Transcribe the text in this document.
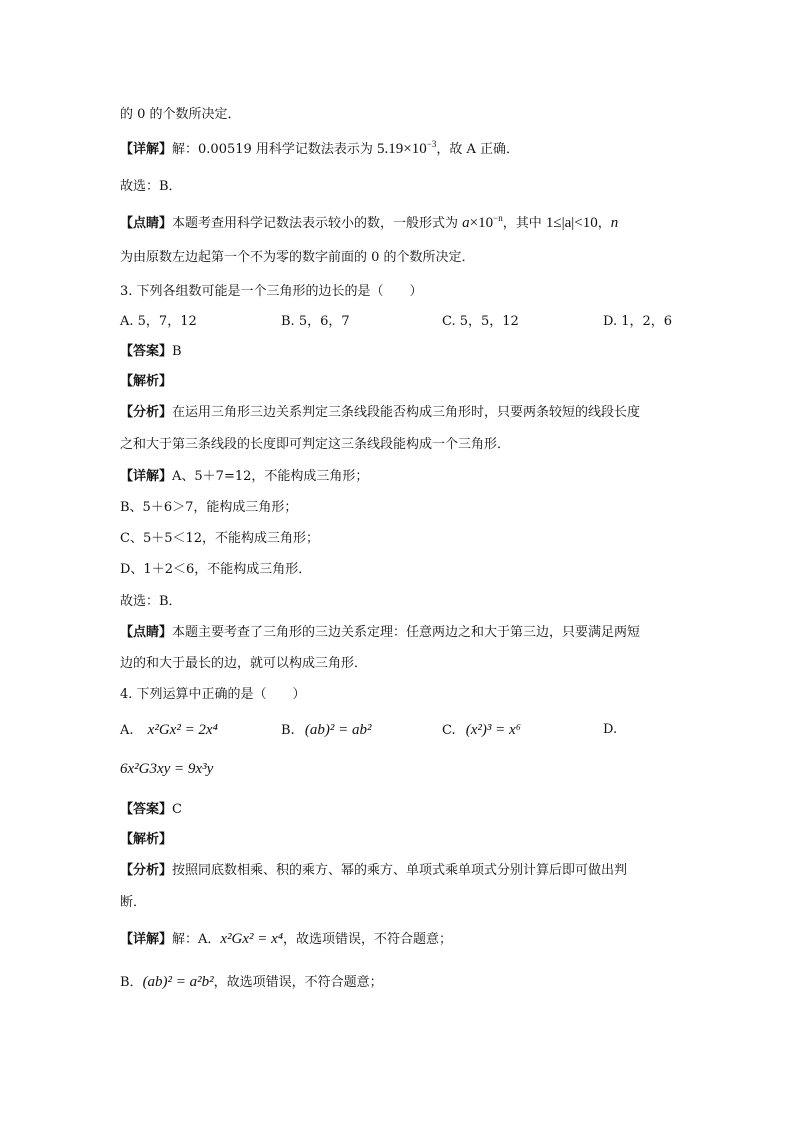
的 0 的个数所决定．
【详解】解：0.00519 用科学记数法表示为 $5.19\times 10^{-3}$，故 A 正确．
故选：B．
【点睛】本题考查用科学记数法表示较小的数，一般形式为 $a\times 10^{-n}$，其中 1≤|a|<10，n
为由原数左边起第一个不为零的数字前面的 0 的个数所决定．
3. 下列各组数可能是一个三角形的边长的是（　　）
A. 5，7，12	B. 5，6，7	C. 5，5，12	D. 1，2，6
【答案】B
【解析】
【分析】在运用三角形三边关系判定三条线段能否构成三角形时，只要两条较短的线段长度
之和大于第三条线段的长度即可判定这三条线段能构成一个三角形．
【详解】A、5＋7=12，不能构成三角形；
B、5＋6＞7，能构成三角形；
C、5＋5＜12，不能构成三角形；
D、1＋2＜6，不能构成三角形．
故选：B．
【点睛】本题主要考查了三角形的三边关系定理：任意两边之和大于第三边，只要满足两短
边的和大于最长的边，就可以构成三角形．
4. 下列运算中正确的是（　　）
A. x²Gx² = 2x⁴	B. (ab)² = ab²	C. (x²)³ = x⁶	D.
6x²G3xy = 9x³y
【答案】C
【解析】
【分析】按照同底数相乘、积的乘方、幂的乘方、单项式乘单项式分别计算后即可做出判
断．
【详解】解：A．x²Gx² = x⁴，故选项错误，不符合题意；
B．(ab)² = a²b²，故选项错误，不符合题意；
